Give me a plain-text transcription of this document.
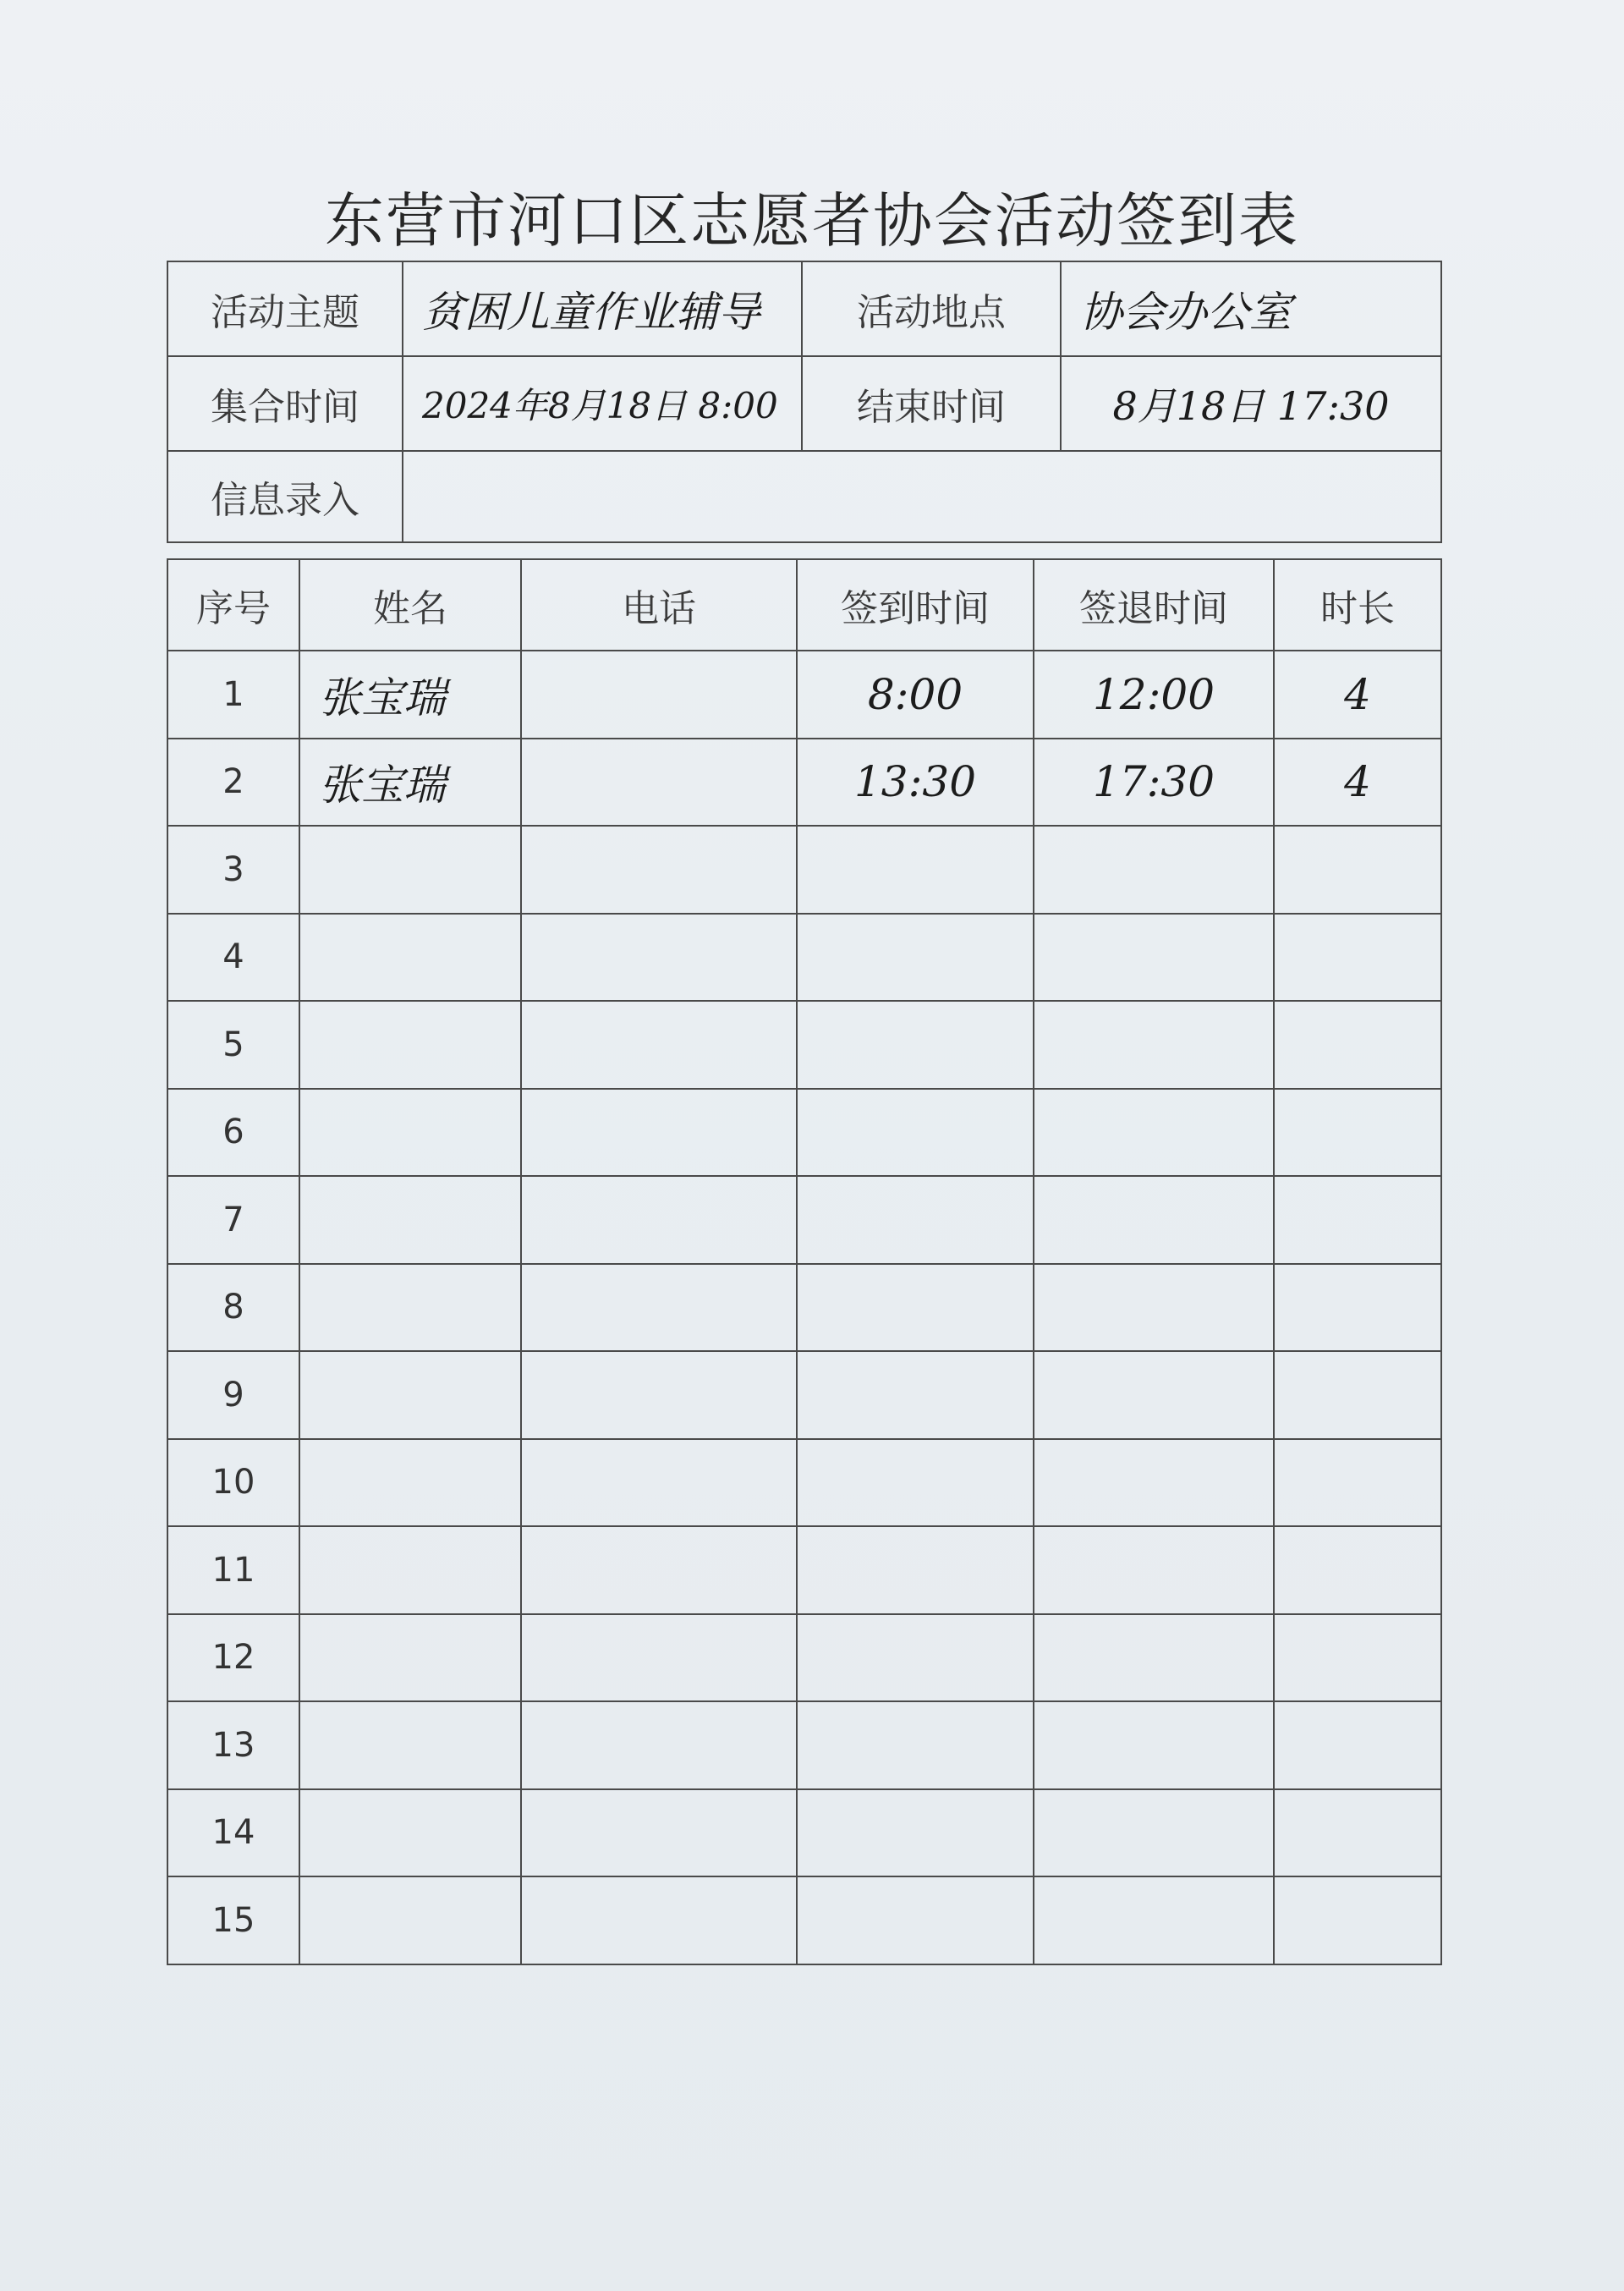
东营市河口区志愿者协会活动签到表
活动主题	贫困儿童作业辅导	活动地点	协会办公室
集合时间	2024年8月18日 8:00	结束时间	8月18日 17:30
信息录入			
序号	姓名	电话	签到时间	签退时间	时长
1	张宝瑞		8:00	12:00	4
2	张宝瑞		13:30	17:30	4
3					
4					
5					
6					
7					
8					
9					
10					
11					
12					
13					
14					
15					
